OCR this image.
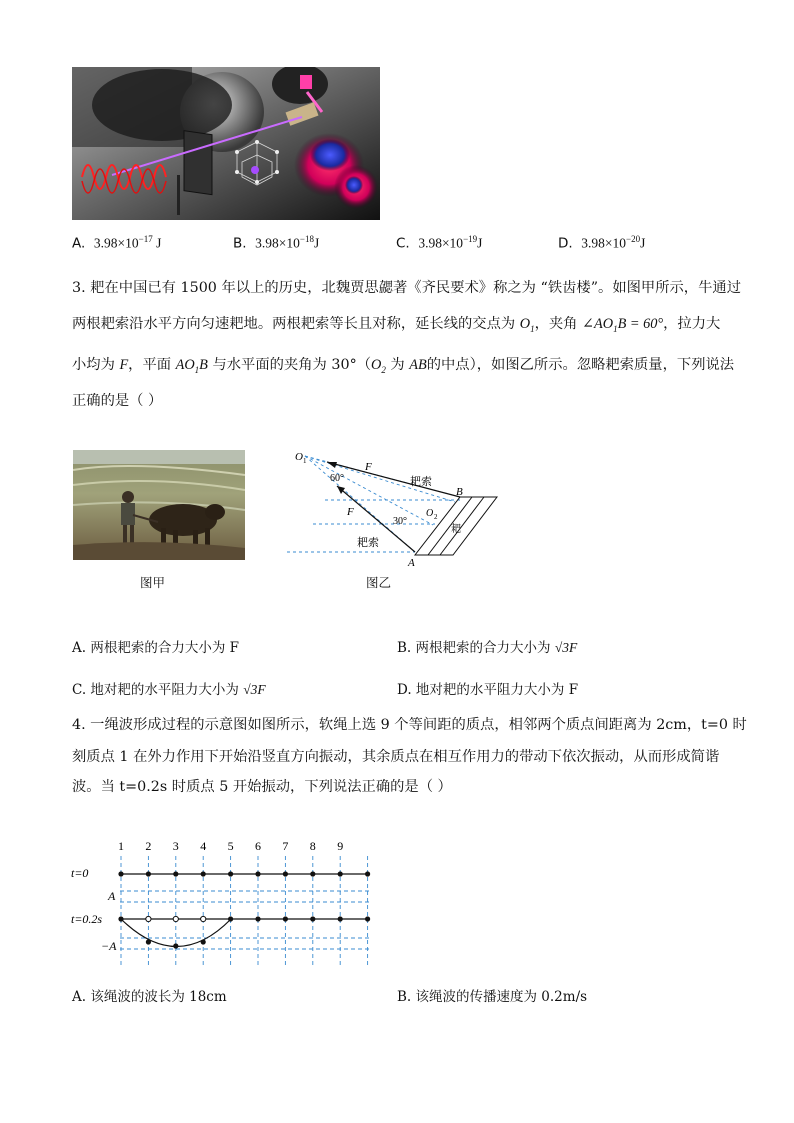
A. $3.98\times 10^{-17}$ J	B. $3.98\times 10^{-18}J$	C. $3.98\times 10^{-19}J$	D. $3.98\times 10^{-20}J$
3. 耙在中国已有 1500 年以上的历史，北魏贾思勰著《齐民要术》称之为 “铁齿楼”。如图甲所示，牛通过
两根耙索沿水平方向匀速耙地。两根耙索等长且对称，延长线的交点为 $O_1$，夹角 $\angle AO_1B = 60^\circ$，拉力大
小均为 F，平面 $AO_1B$ 与水平面的夹角为 $30^\circ(O_2$ 为 AB的中点），如图乙所示。忽略耙索质量，下列说法
正确的是（ ）
图甲
O 1	F
60°	耙索
B
F	O 2
30°
耙
耙索
A
图乙
A. 两根耙索的合力大小为 F	B. 两根耙索的合力大小为 √3F
C. 地对耙的水平阻力大小为 √3F	D. 地对耙的水平阻力大小为 F
4. 一绳波形成过程的示意图如图所示，软绳上选 9 个等间距的质点，相邻两个质点间距离为 2cm，t=0 时
刻质点 1 在外力作用下开始沿竖直方向振动，其余质点在相互作用力的带动下依次振动，从而形成简谐
波。当 t=0.2s 时质点 5 开始振动，下列说法正确的是（ ）
1 2 3 4 5 6 7 8 9
t=0
A
t=0.2s
−A
A. 该绳波的波长为 18cm	B. 该绳波的传播速度为 0.2m/s
